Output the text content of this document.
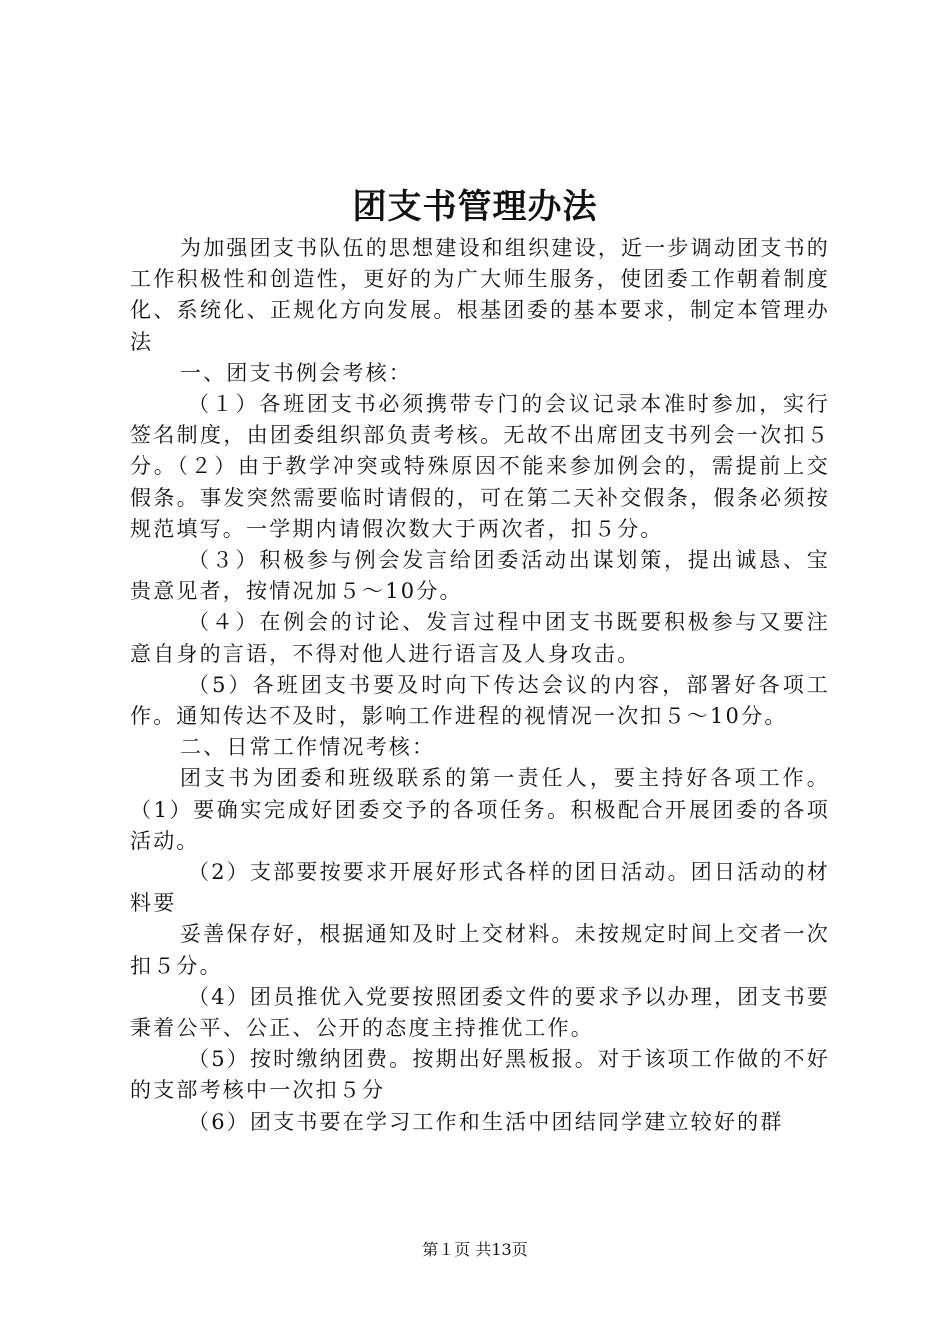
团支书管理办法

为加强团支书队伍的思想建设和组织建设，近一步调动团支书的工作积极性和创造性，更好的为广大师生服务，使团委工作朝着制度化、系统化、正规化方向发展。根基团委的基本要求，制定本管理办法

一、团支书例会考核：

（１）各班团支书必须携带专门的会议记录本准时参加，实行签名制度，由团委组织部负责考核。无故不出席团支书列会一次扣５分。（２）由于教学冲突或特殊原因不能来参加例会的，需提前上交假条。事发突然需要临时请假的，可在第二天补交假条，假条必须按规范填写。一学期内请假次数大于两次者，扣５分。

（３）积极参与例会发言给团委活动出谋划策，提出诚恳、宝贵意见者，按情况加５～10分。

（４）在例会的讨论、发言过程中团支书既要积极参与又要注意自身的言语，不得对他人进行语言及人身攻击。

（5）各班团支书要及时向下传达会议的内容，部署好各项工作。通知传达不及时，影响工作进程的视情况一次扣５～10分。

二、日常工作情况考核：

团支书为团委和班级联系的第一责任人，要主持好各项工作。（1）要确实完成好团委交予的各项任务。积极配合开展团委的各项活动。

（2）支部要按要求开展好形式各样的团日活动。团日活动的材料要

妥善保存好，根据通知及时上交材料。未按规定时间上交者一次扣５分。

（4）团员推优入党要按照团委文件的要求予以办理，团支书要秉着公平、公正、公开的态度主持推优工作。

（5）按时缴纳团费。按期出好黑板报。对于该项工作做的不好的支部考核中一次扣５分

（6）团支书要在学习工作和生活中团结同学建立较好的群

第１页 共13页
